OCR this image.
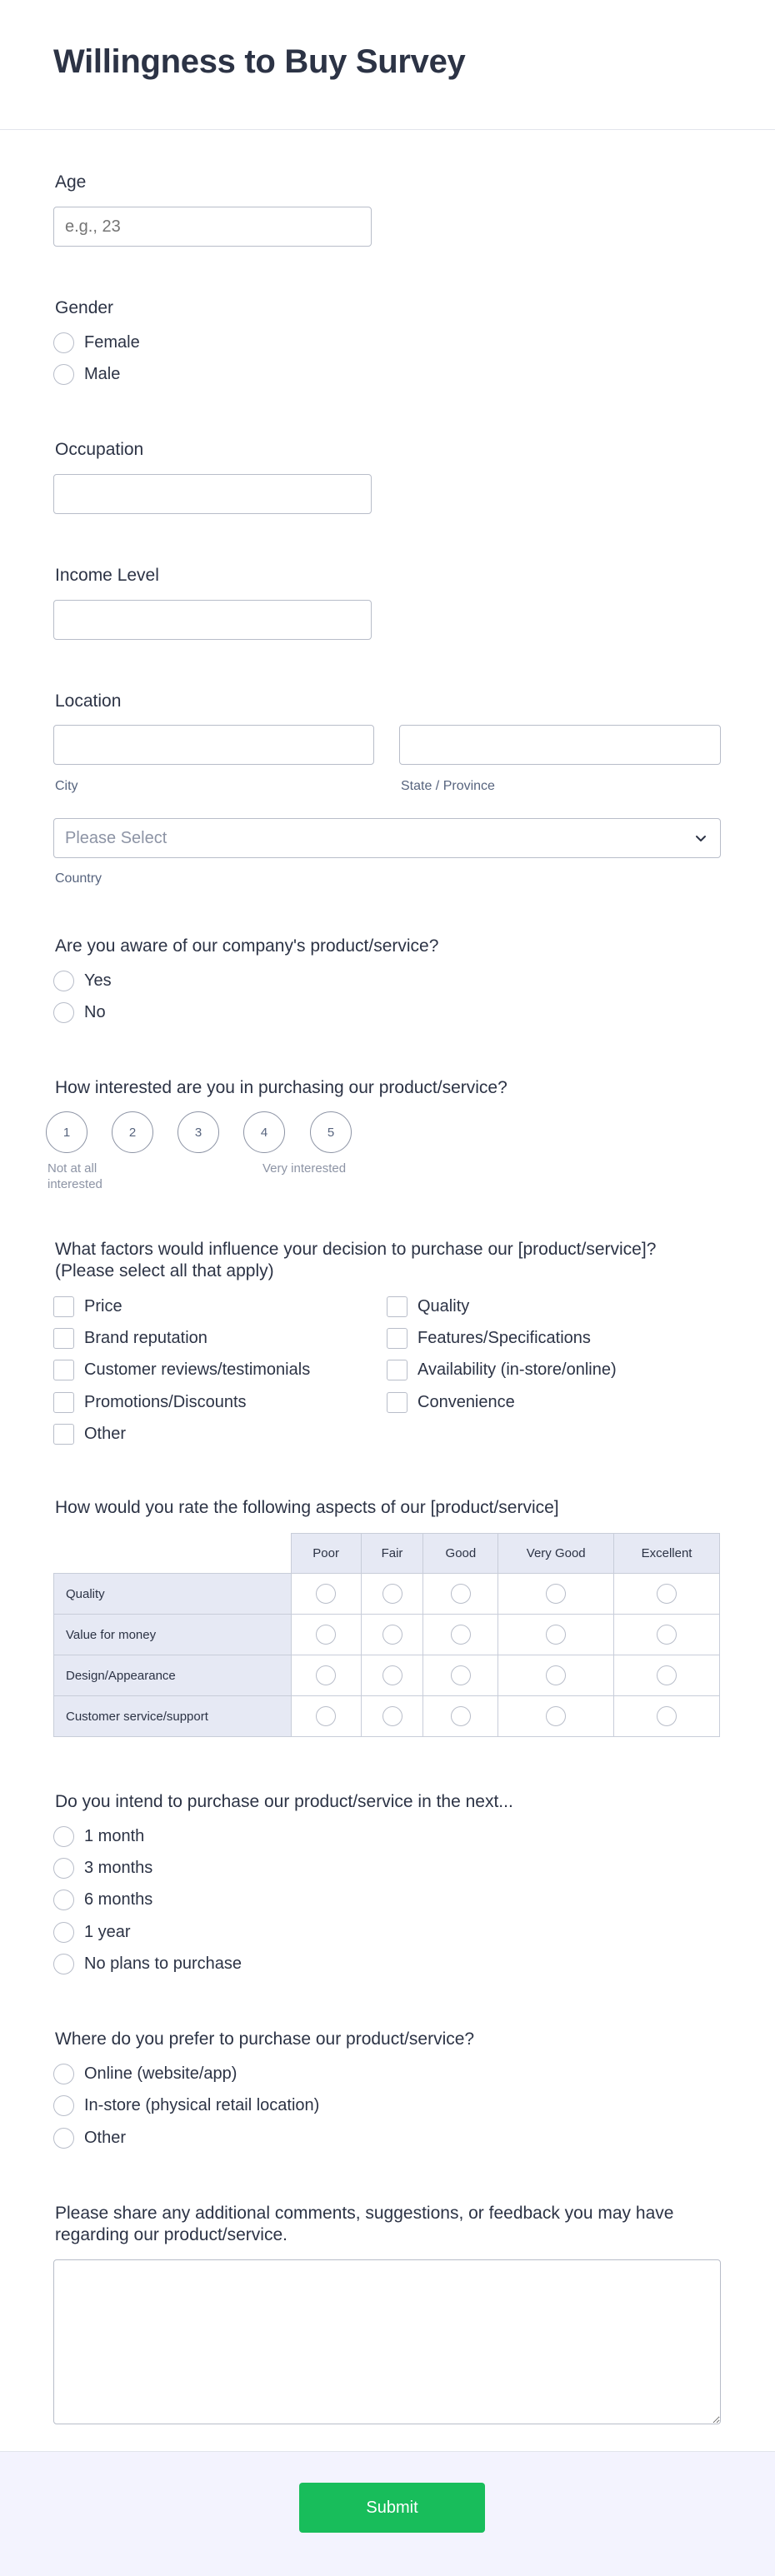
Willingness to Buy Survey
Age
e.g., 23
Gender
Female
Male
Occupation
Income Level
Location
City	State / Province
Please Select
Country
Are you aware of our company's product/service?
Yes
No
How interested are you in purchasing our product/service?
1	2	3	4	5
Not at all
interested
Very interested
What factors would influence your decision to purchase our [product/service]?
(Please select all that apply)
Price
Brand reputation
Customer reviews/testimonials
Promotions/Discounts
Other
Quality
Features/Specifications
Availability (in-store/online)
Convenience
How would you rate the following aspects of our [product/service]
	Poor	Fair	Good	Very Good	Excellent
Quality					
Value for money					
Design/Appearance					
Customer service/support					
Do you intend to purchase our product/service in the next...
1 month
3 months
6 months
1 year
No plans to purchase
Where do you prefer to purchase our product/service?
Online (website/app)
In-store (physical retail location)
Other
Please share any additional comments, suggestions, or feedback you may have
regarding our product/service.
Submit
